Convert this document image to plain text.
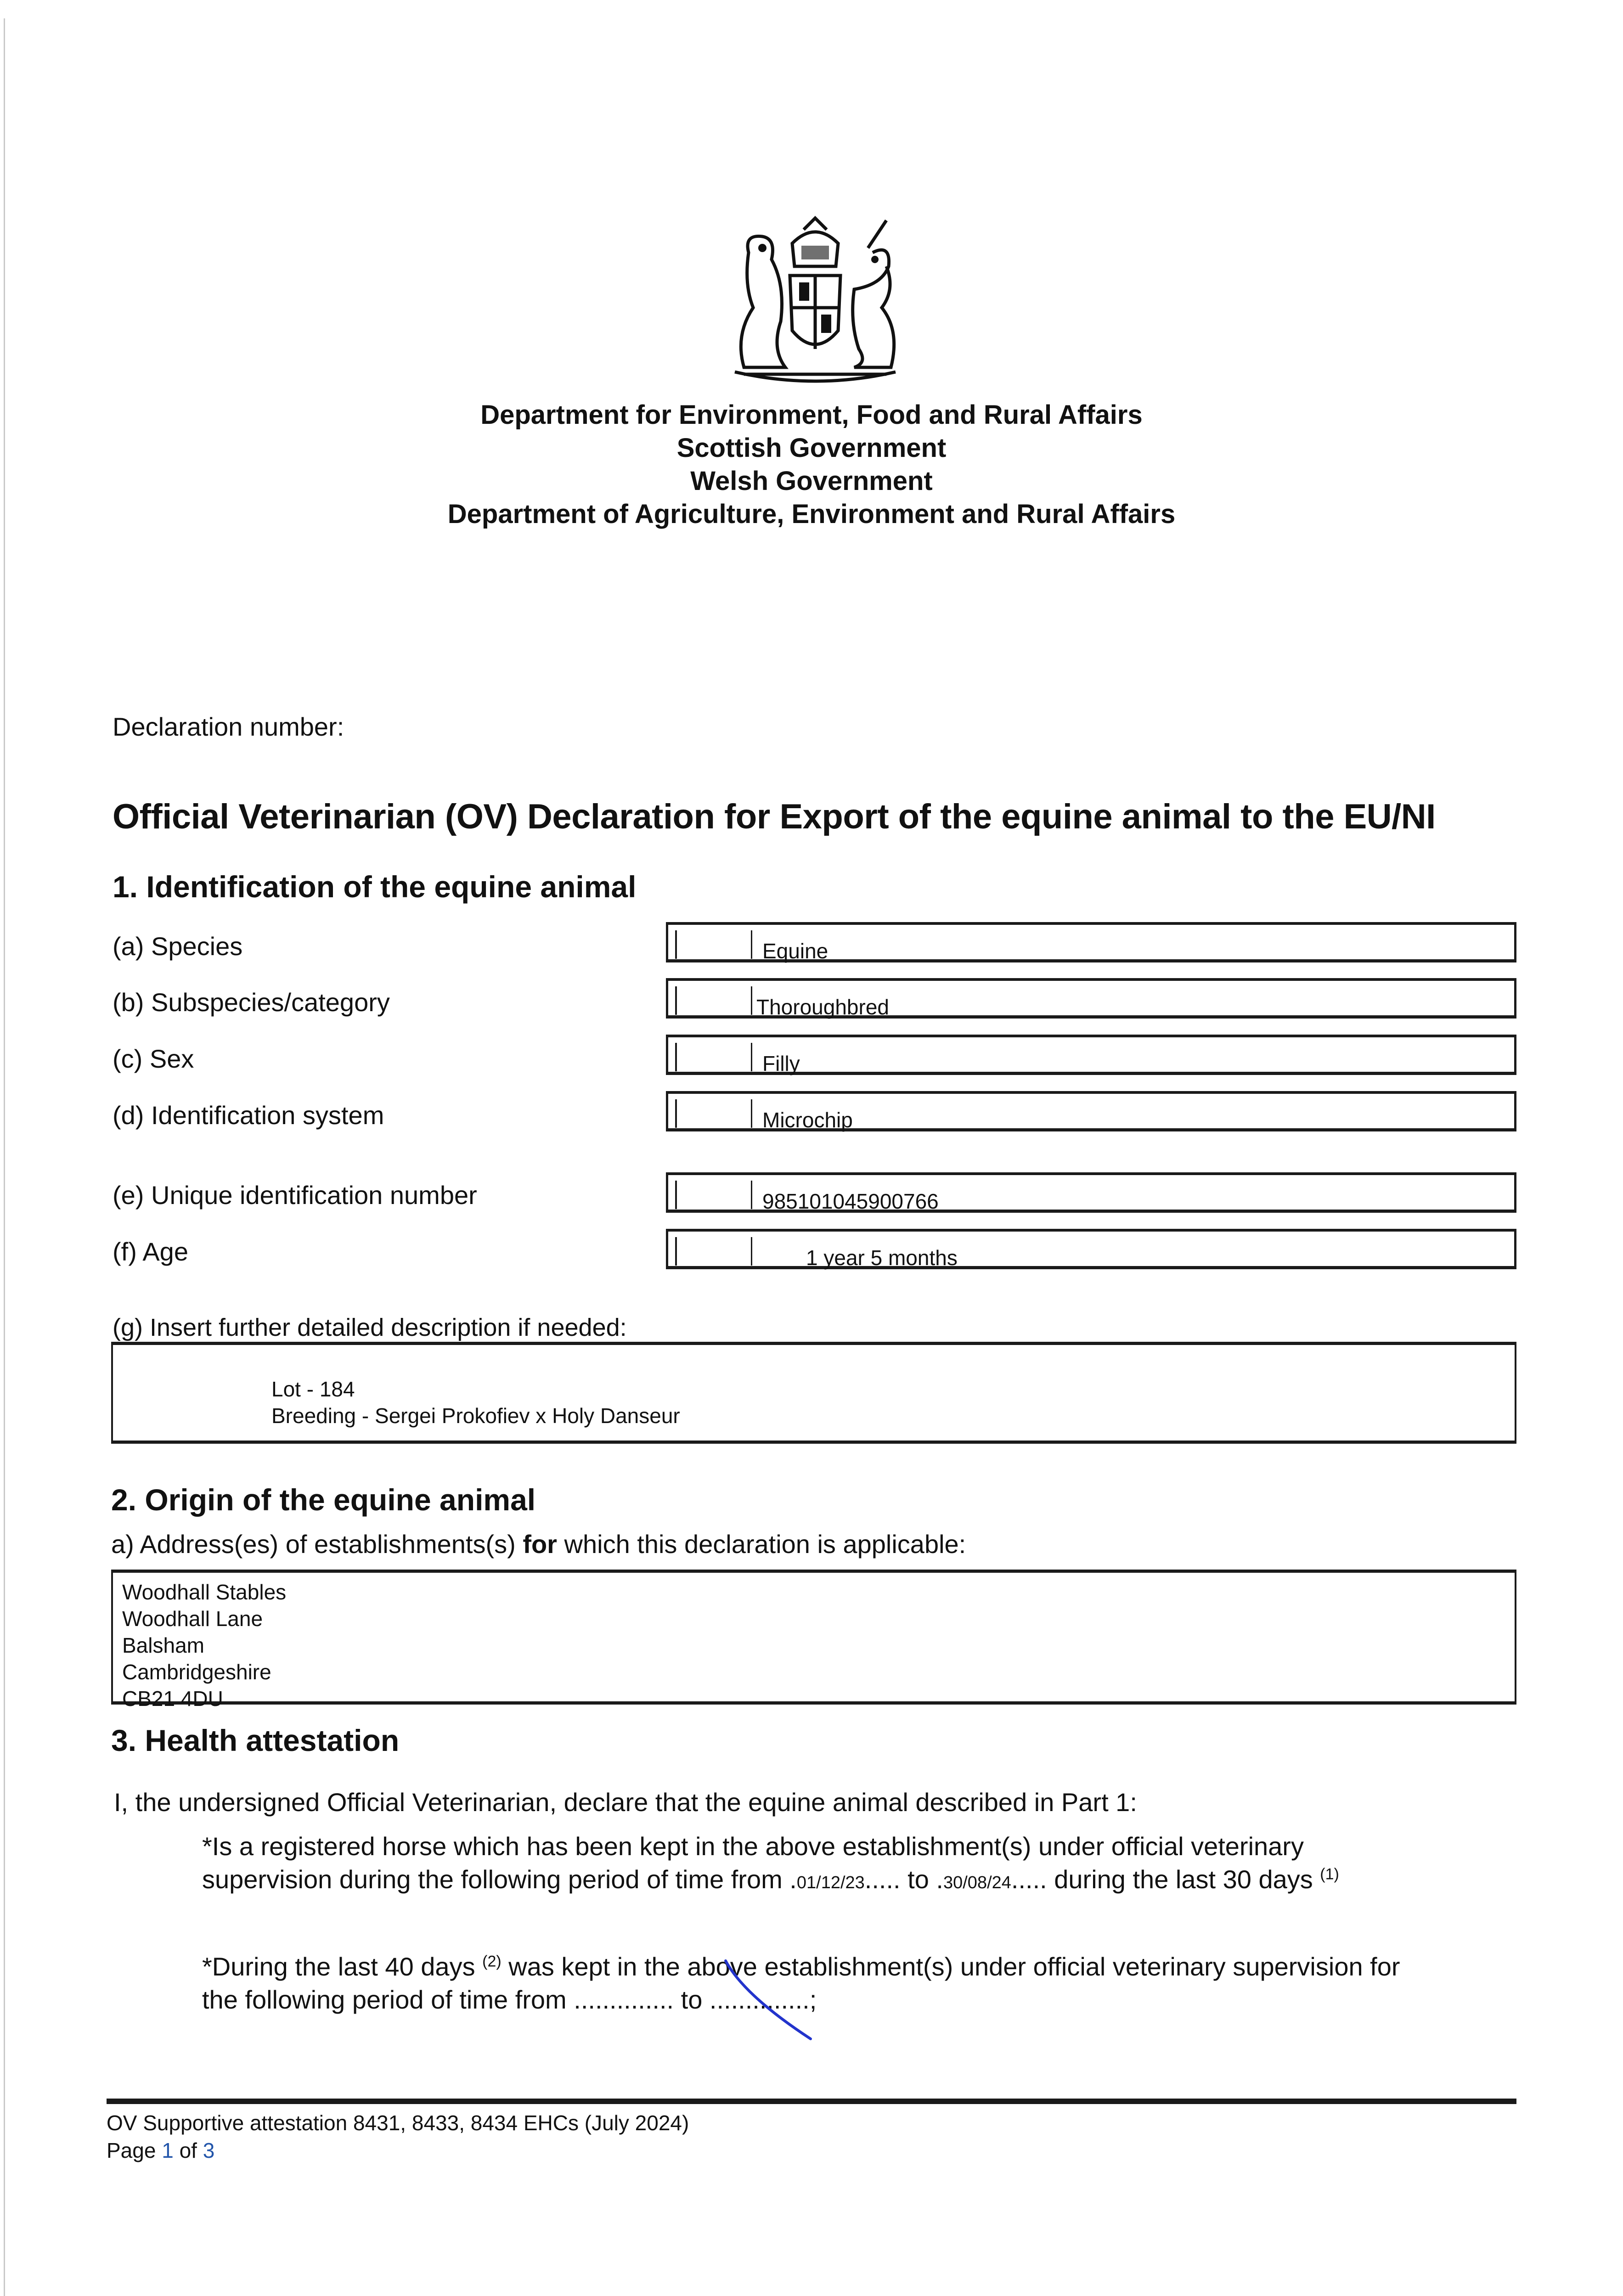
Department for Environment, Food and Rural Affairs
Scottish Government
Welsh Government
Department of Agriculture, Environment and Rural Affairs
Declaration number:
Official Veterinarian (OV) Declaration for Export of the equine animal to the EU/NI
1. Identification of the equine animal
(a) Species	Equine
(b) Subspecies/category	Thoroughbred
(c) Sex	Filly
(d) Identification system	Microchip
(e) Unique identification number	985101045900766
(f) Age	1 year 5 months
(g) Insert further detailed description if needed:
Lot - 184
Breeding - Sergei Prokofiev x Holy Danseur
2. Origin of the equine animal
a) Address(es) of establishments(s) for which this declaration is applicable:
Woodhall Stables
Woodhall Lane
Balsham
Cambridgeshire
CB21 4DU
3. Health attestation
I, the undersigned Official Veterinarian, declare that the equine animal described in Part 1:
*Is a registered horse which has been kept in the above establishment(s) under official veterinary
supervision during the following period of time from .01/12/23..... to .30/08/24..... during the last 30 days $^{(1)}$
*During the last 40 days $^{(2)}$ was kept in the above establishment(s) under official veterinary supervision for
the following period of time from .............. to ..............;
OV Supportive attestation 8431, 8433, 8434 EHCs (July 2024)
Page 1 of 3
